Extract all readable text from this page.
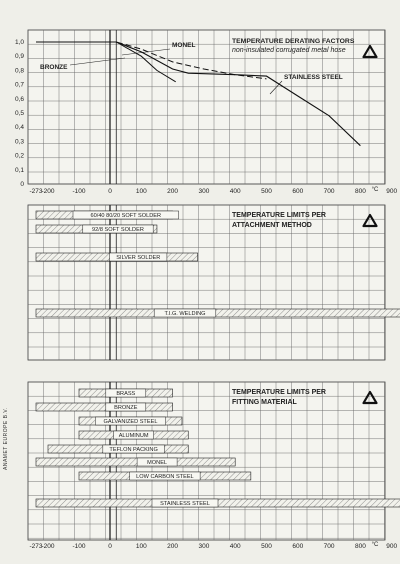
1,0
0,9
0,8
0,7
0,6
0,5
0,4
0,3
0,2
0,1
0
-273
-200	-100	0	100	200	300	400	500	600	700	800	900
°C
TEMPERATURE DERATING FACTORS
non-insulated corrugated metal hose
MONEL
BRONZE
STAINLESS STEEL
TEMPERATURE LIMITS PER
ATTACHMENT METHOD
60/40 80/20 SOFT SOLDER
92/8 SOFT SOLDER
SILVER SOLDER
T.I.G. WELDING
TEMPERATURE LIMITS PER
FITTING MATERIAL
BRASS
BRONZE
GALVANIZED STEEL
ALUMINUM
TEFLON PACKING
MONEL
LOW CARBON STEEL
STAINLESS STEEL
-273
-200	-100	0	100	200	300	400	500	600	700	800	900
°C
ANAMET EUROPE B.V.
